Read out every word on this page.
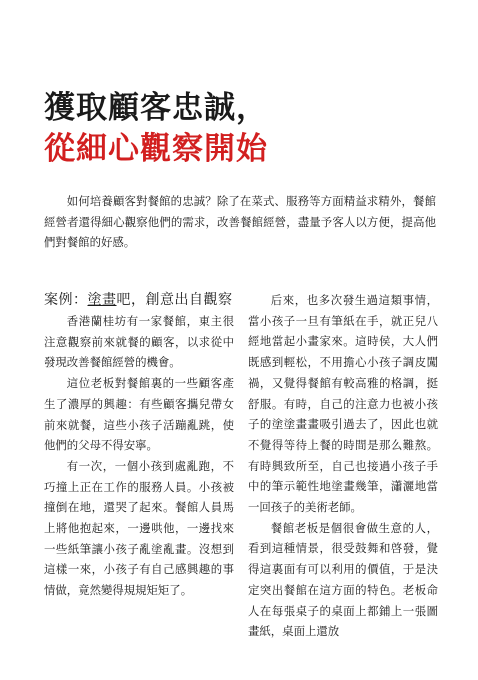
獲取顧客忠誠，
從細心觀察開始

如何培養顧客對餐館的忠誠？除了在菜式、服務等方面精益求精外，餐館經營者還得細心觀察他們的需求，改善餐館經營，盡量予客人以方便，提高他們對餐館的好感。

案例：塗畫吧，創意出自觀察

香港蘭桂坊有一家餐館，東主很注意觀察前來就餐的顧客，以求從中發現改善餐館經營的機會。

這位老板對餐館裏的一些顧客產生了濃厚的興趣：有些顧客攜兒帶女前來就餐，這些小孩子活蹦亂跳，使他們的父母不得安寧。

有一次，一個小孩到處亂跑，不巧撞上正在工作的服務人員。小孩被撞倒在地，還哭了起來。餐館人員馬上將他抱起來，一邊哄他，一邊找來一些紙筆讓小孩子亂塗亂畫。沒想到這樣一來，小孩子有自己感興趣的事情做，竟然變得規規矩矩了。

后來，也多次發生過這類事情，當小孩子一旦有筆紙在手，就正兒八經地當起小畫家來。這時侯，大人們既感到輕松，不用擔心小孩子調皮闖禍，又覺得餐館有較高雅的格調，挺舒服。有時，自己的注意力也被小孩子的塗塗畫畫吸引過去了，因此也就不覺得等待上餐的時間是那么難熬。有時興致所至，自己也接過小孩子手中的筆示範性地塗畫幾筆，瀟灑地當一回孩子的美術老師。

餐館老板是個很會做生意的人，看到這種情景，很受鼓舞和啓發，覺得這裏面有可以利用的價值，于是決定突出餐館在這方面的特色。老板命人在每張桌子的桌面上都鋪上一張圖畫紙，桌面上還放
